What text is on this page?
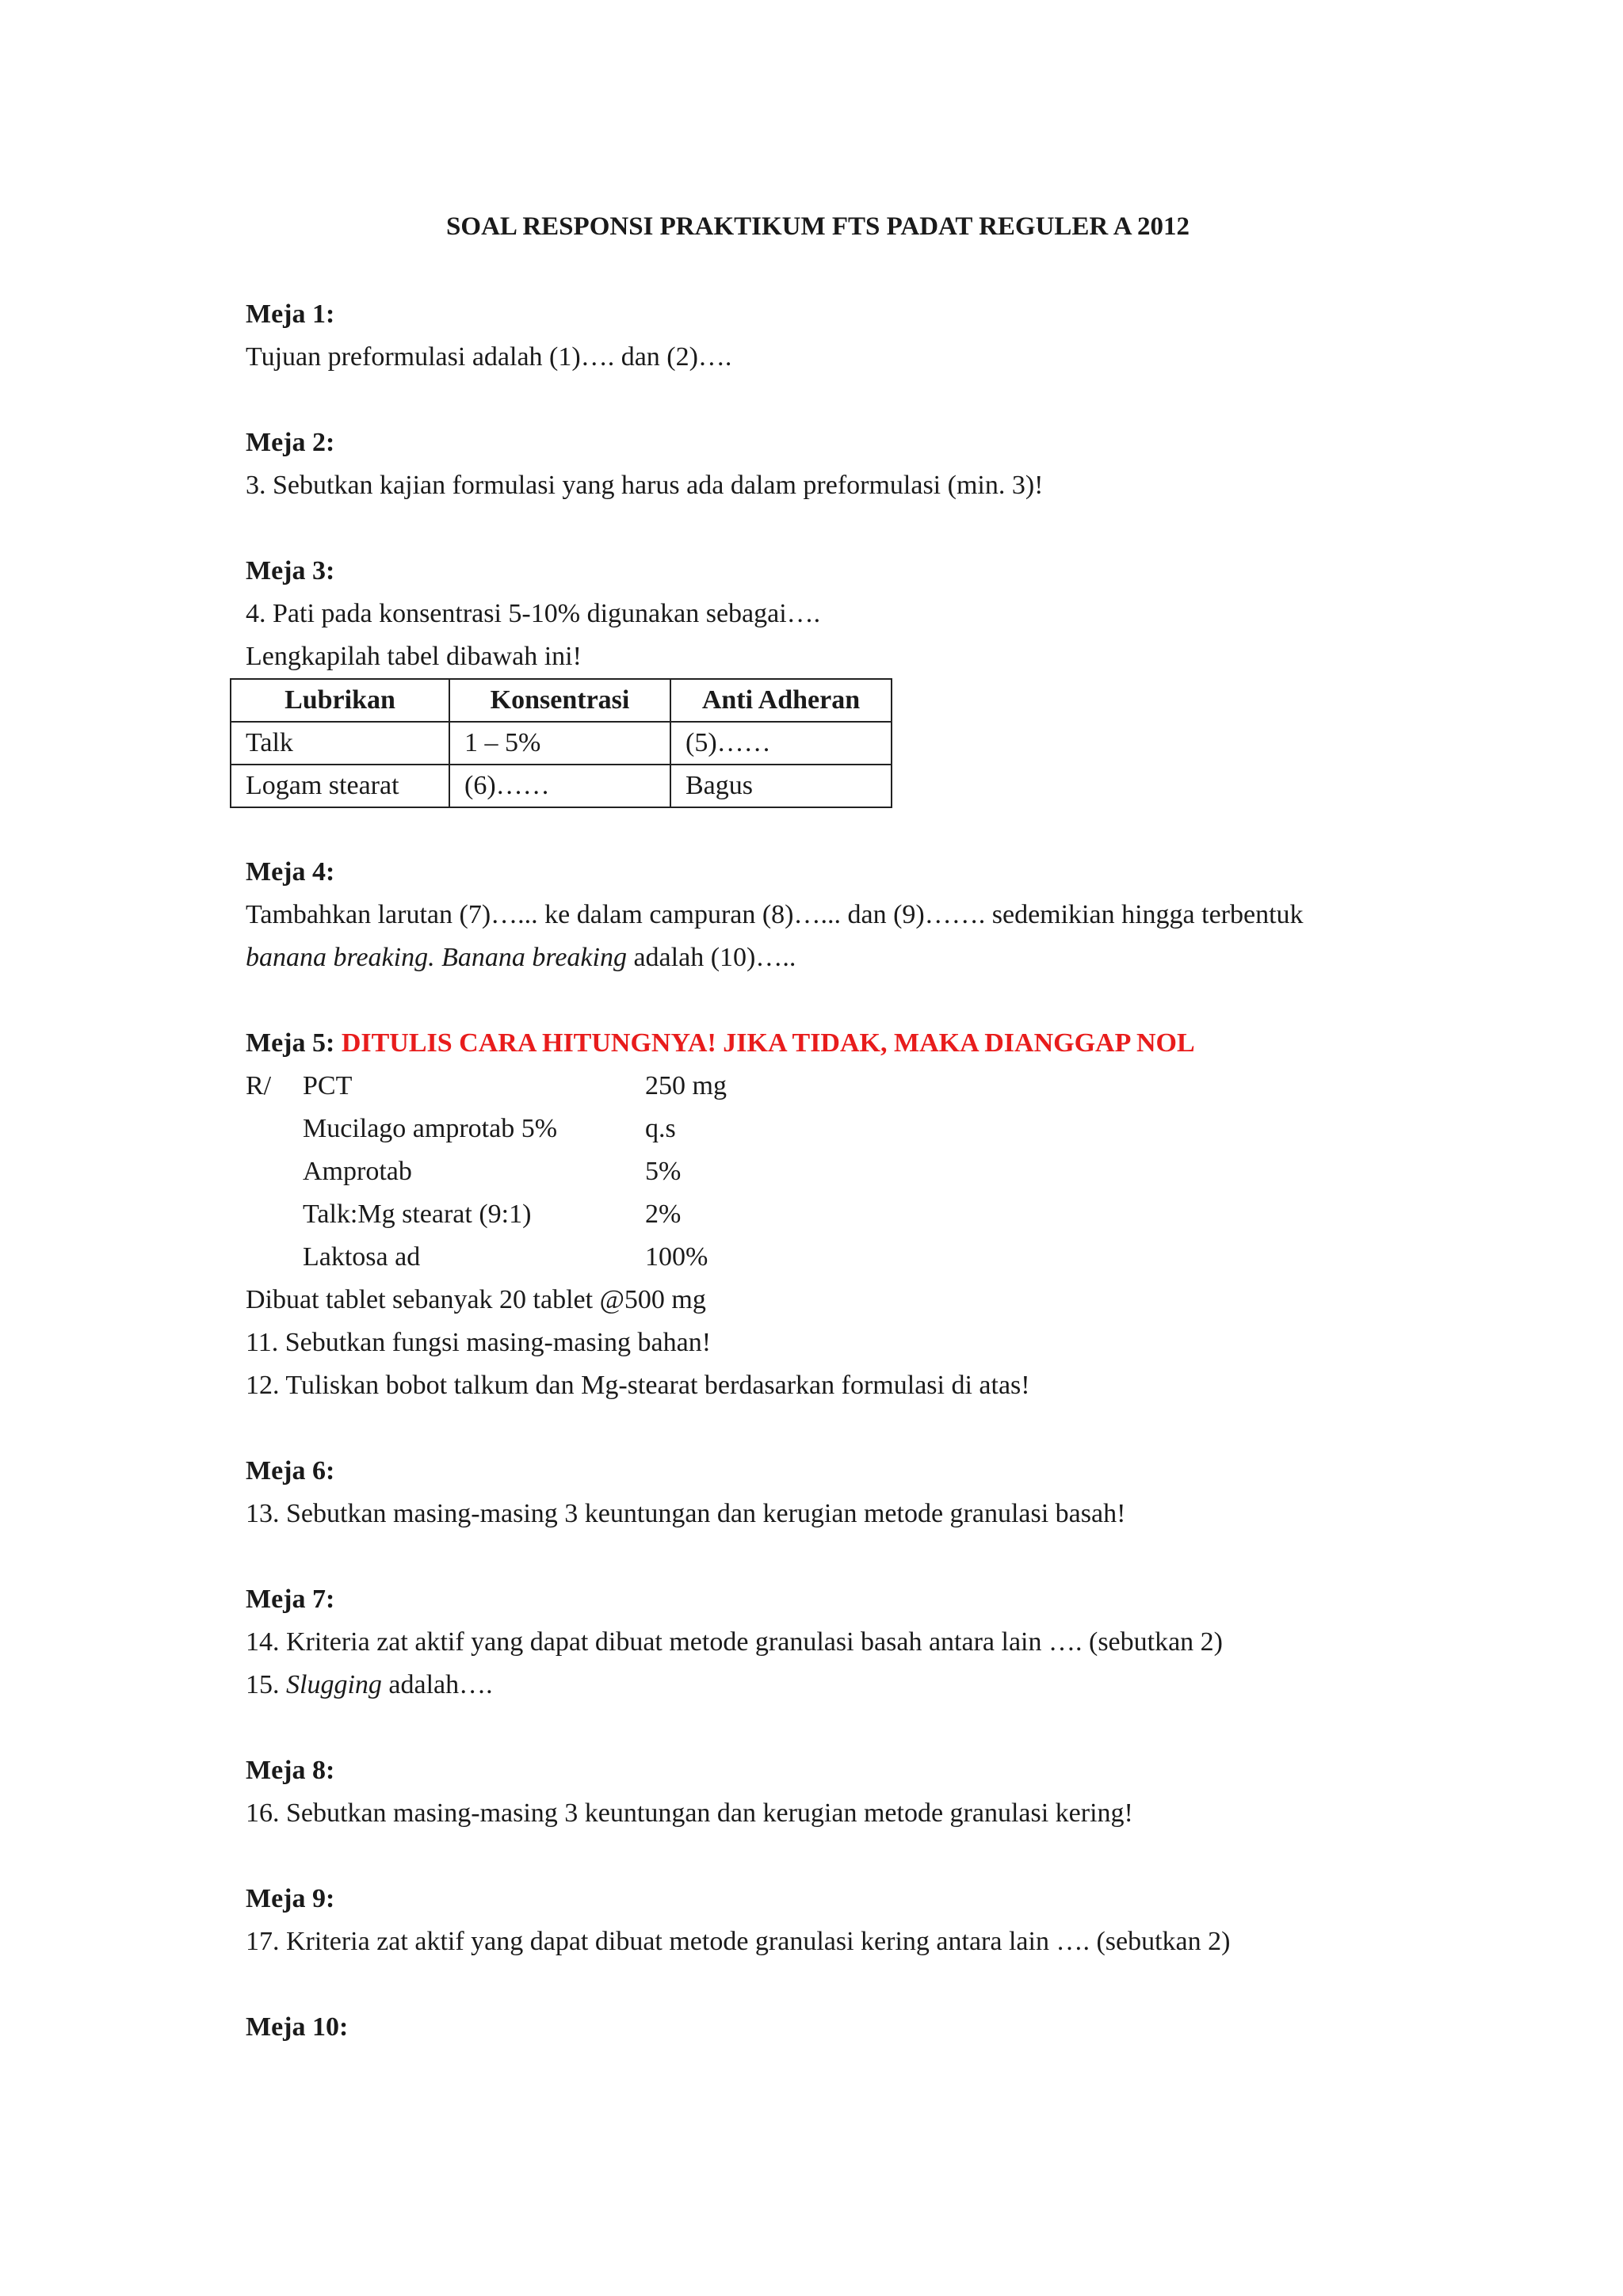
SOAL RESPONSI PRAKTIKUM FTS PADAT REGULER A 2012
Meja 1:
Tujuan preformulasi adalah (1)…. dan (2)….
Meja 2:
3. Sebutkan kajian formulasi yang harus ada dalam preformulasi (min. 3)!
Meja 3:
4. Pati pada konsentrasi 5-10% digunakan sebagai….
Lengkapilah tabel dibawah ini!
Lubrikan	Konsentrasi	Anti Adheran
Talk	1 – 5%	(5)……
Logam stearat	(6)……	Bagus
Meja 4:
Tambahkan larutan (7)…... ke dalam campuran (8)…... dan (9)……. sedemikian hingga terbentuk
banana breaking. Banana breaking adalah (10)…..
Meja 5: DITULIS CARA HITUNGNYA! JIKA TIDAK, MAKA DIANGGAP NOL
R/	PCT	250 mg
Mucilago amprotab 5%	q.s
Amprotab	5%
Talk:Mg stearat (9:1)	2%
Laktosa ad	100%
Dibuat tablet sebanyak 20 tablet @500 mg
11. Sebutkan fungsi masing-masing bahan!
12. Tuliskan bobot talkum dan Mg-stearat berdasarkan formulasi di atas!
Meja 6:
13. Sebutkan masing-masing 3 keuntungan dan kerugian metode granulasi basah!
Meja 7:
14. Kriteria zat aktif yang dapat dibuat metode granulasi basah antara lain …. (sebutkan 2)
15. Slugging adalah….
Meja 8:
16. Sebutkan masing-masing 3 keuntungan dan kerugian metode granulasi kering!
Meja 9:
17. Kriteria zat aktif yang dapat dibuat metode granulasi kering antara lain …. (sebutkan 2)
Meja 10:
